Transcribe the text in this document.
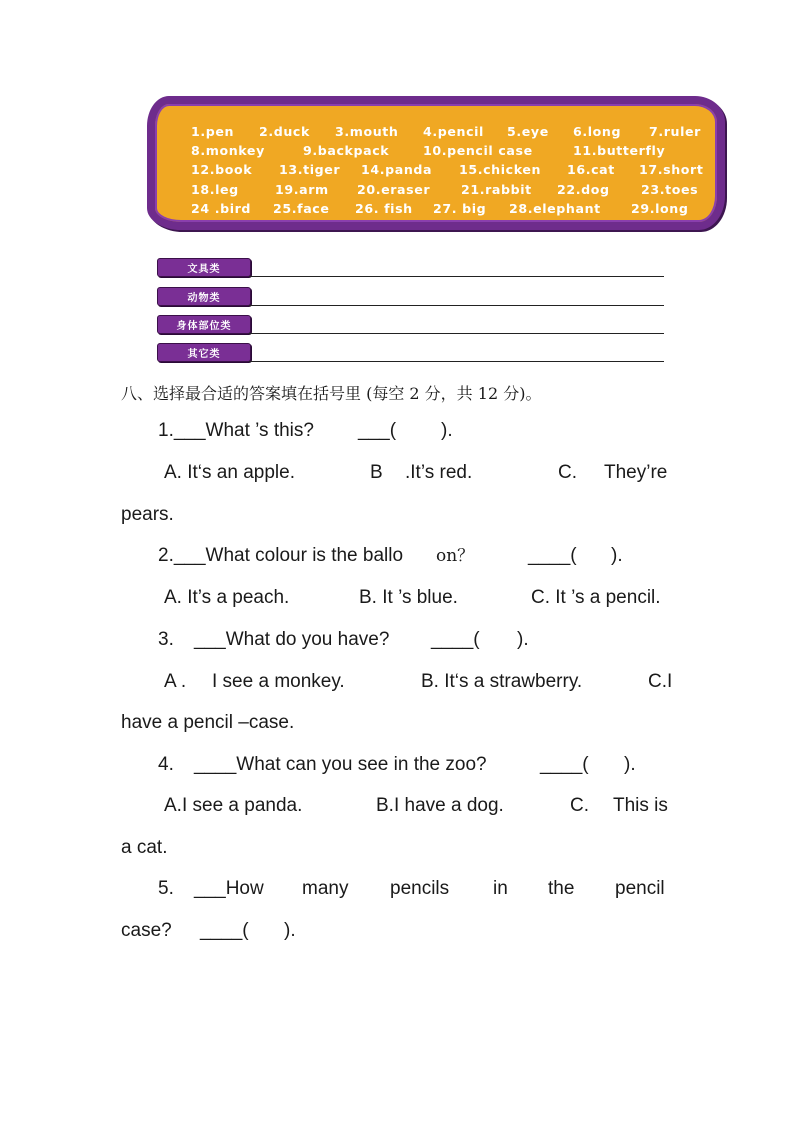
1.pen 2.duck 3.mouth 4.pencil 5.eye 6.long 7.ruler
8.monkey	9.backpack	10.pencil case	11.butterfly
12.book 13.tiger 14.panda 15.chicken 16.cat 17.short
18.leg	19.arm 20.eraser 21.rabbit 22.dog 23.toes
24 .bird 25.face 26. fish 27. big 28.elephant 29.long
文具类
动物类
身体部位类
其它类
八、选择最合适的答案填在括号里 (每空 2 分，共 12 分)。
1.___What ’s this? ___( ).
A. It‘s an apple.	B .It’s red.	C. They’re
pears.
2.___What colour is the ballo on？	____( ).
A. It’s a peach.	B. It ’s blue.	C. It ’s a pencil.
3. ___What do you have? ____( ).
A . I see a monkey.	B. It‘s a strawberry.	C.I
have a pencil –case.
4. ____What can you see in the zoo?	____( ).
A.I see a panda.	B.I have a dog.	C. This is
a cat.
5. ___How many pencils in the pencil
case? ____( ).
